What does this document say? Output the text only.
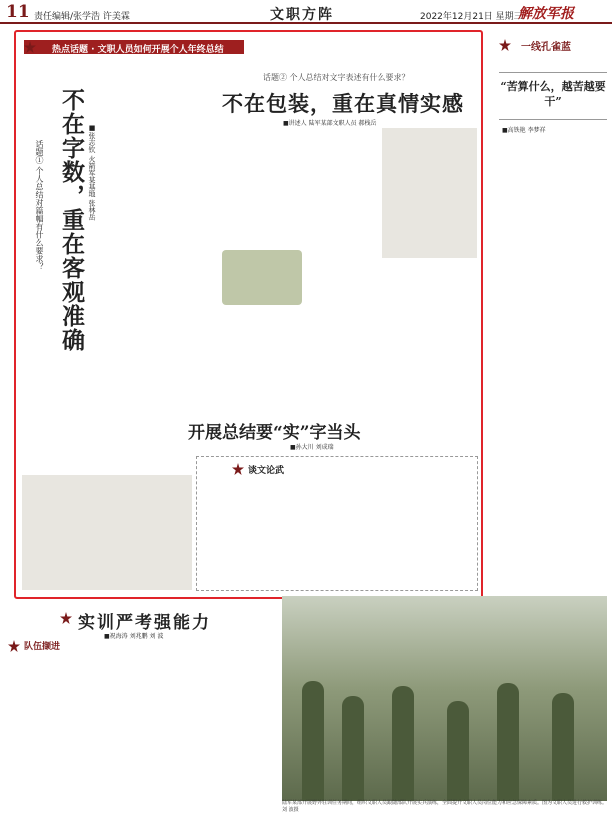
11 责任编辑/张学浩 许美霖	文职方阵	2022年12月21日 星期三
解放军报
热点话题 · 文职人员如何开展个人年终总结
不在字数，重在客观准确
话题① 个人总结对篇幅有什么要求？	■张志钦 火箭军某基地 张林岳
话题② 个人总结对文字表述有什么要求？
不在包装，重在真情实感
■讲述人 陆军某部文职人员 郝栈岳
开展总结要“实”字当头
■孙大川 刘成瑞
谈文论武
一线孔雀蓝
“苦算什么，越苦越要干”
■高铁艳 李梦祥
实训严考强能力
■祝海涛 刘兆鹏 刘 波
队伍撷进
陆军某部开展野外驻训任务期间，组织文职人员跟随部队开展实兵演练，全面提升文职人员岗位能力和应急保障素质。图为文职人员进行救护训练。刘 波摄
